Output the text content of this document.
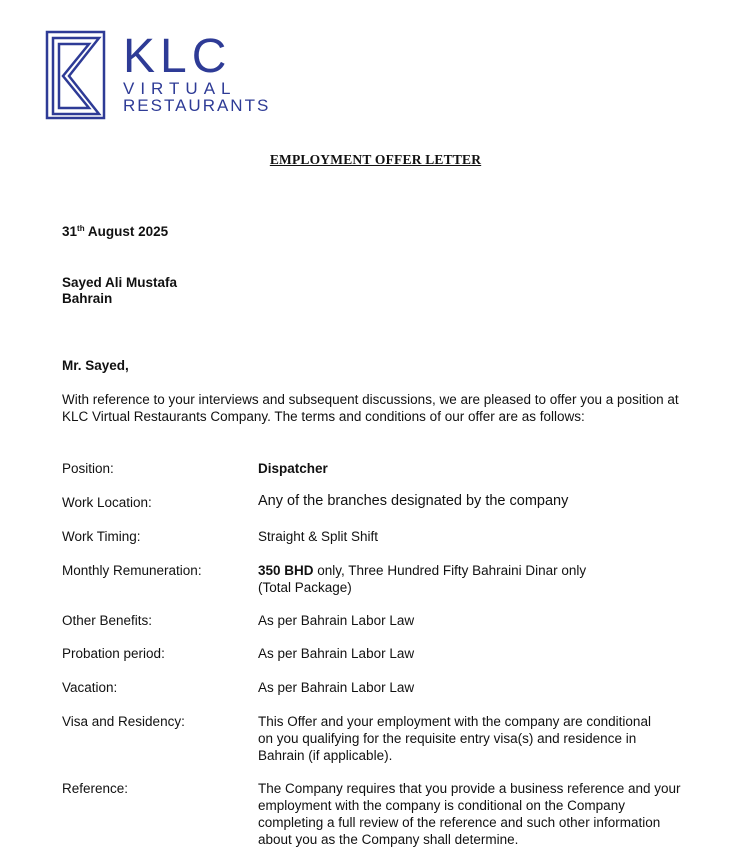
KLC
VIRTUAL
RESTAURANTS
EMPLOYMENT OFFER LETTER
31th August 2025
Sayed Ali Mustafa
Bahrain
Mr. Sayed,
With reference to your interviews and subsequent discussions, we are pleased to offer you a position at KLC Virtual Restaurants Company. The terms and conditions of our offer are as follows:
Position:	Dispatcher
Work Location:	Any of the branches designated by the company
Work Timing:	Straight & Split Shift
Monthly Remuneration:	350 BHD only, Three Hundred Fifty Bahraini Dinar only
(Total Package)
Other Benefits:	As per Bahrain Labor Law
Probation period:	As per Bahrain Labor Law
Vacation:	As per Bahrain Labor Law
Visa and Residency:	This Offer and your employment with the company are conditional on you qualifying for the requisite entry visa(s) and residence in Bahrain (if applicable).
Reference:	The Company requires that you provide a business reference and your employment with the company is conditional on the Company completing a full review of the reference and such other information about you as the Company shall determine.
